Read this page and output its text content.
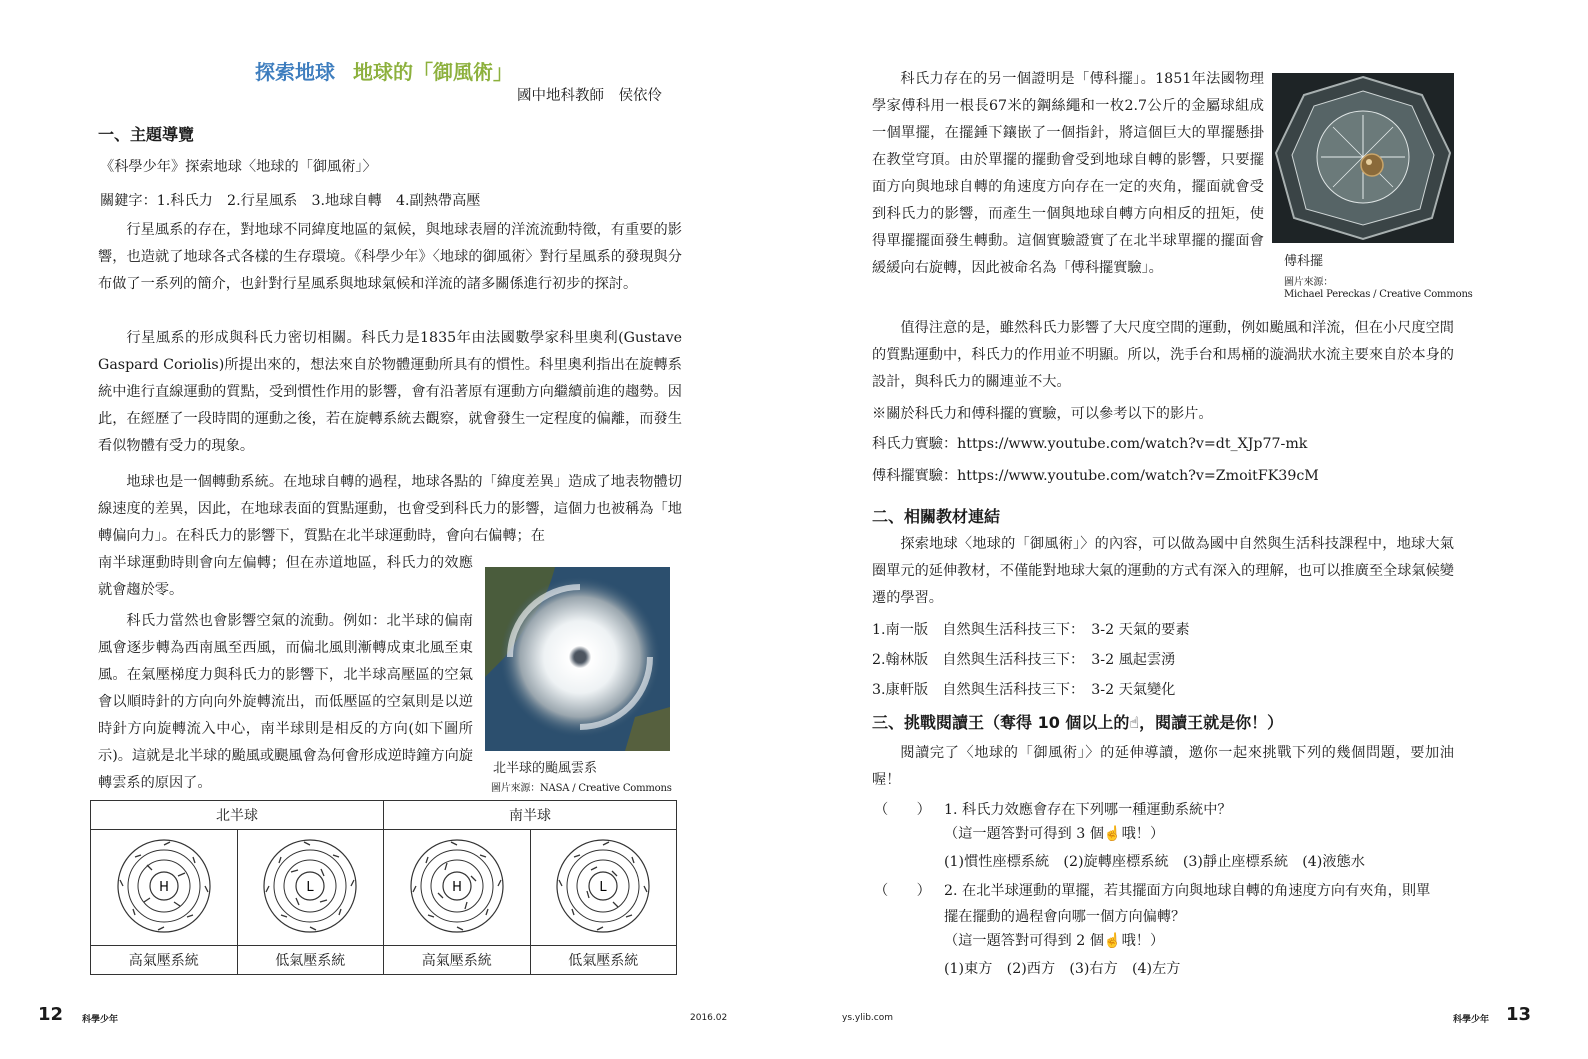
探索地球 地球的「御風術」
國中地科教師　侯依伶
一、主題導覽
《科學少年》探索地球〈地球的「御風術」〉
關鍵字：1.科氏力　2.行星風系　3.地球自轉　4.副熱帶高壓

行星風系的存在，對地球不同緯度地區的氣候，與地球表層的洋流流動特徵，有重要的影響，也造就了地球各式各樣的生存環境。《科學少年》〈地球的御風術〉對行星風系的發現與分布做了一系列的簡介，也針對行星風系與地球氣候和洋流的諸多關係進行初步的探討。

行星風系的形成與科氏力密切相關。科氏力是1835年由法國數學家科里奧利(Gustave Gaspard Coriolis)所提出來的，想法來自於物體運動所具有的慣性。科里奧利指出在旋轉系統中進行直線運動的質點，受到慣性作用的影響，會有沿著原有運動方向繼續前進的趨勢。因此，在經歷了一段時間的運動之後，若在旋轉系統去觀察，就會發生一定程度的偏離，而發生看似物體有受力的現象。

地球也是一個轉動系統。在地球自轉的過程，地球各點的「緯度差異」造成了地表物體切線速度的差異，因此，在地球表面的質點運動，也會受到科氏力的影響，這個力也被稱為「地轉偏向力」。在科氏力的影響下，質點在北半球運動時，會向右偏轉；在

南半球運動時則會向左偏轉；但在赤道地區，科氏力的效應就會趨於零。

科氏力當然也會影響空氣的流動。例如：北半球的偏南風會逐步轉為西南風至西風，而偏北風則漸轉成東北風至東風。在氣壓梯度力與科氏力的影響下，北半球高壓區的空氣會以順時針的方向向外旋轉流出，而低壓區的空氣則是以逆時針方向旋轉流入中心，南半球則是相反的方向(如下圖所示)。這就是北半球的颱風或颶風會為何會形成逆時鐘方向旋轉雲系的原因了。

北半球的颱風雲系
圖片來源：NASA / Creative Commons
北半球		南半球	

H	L	H	L

高氣壓系統	低氣壓系統	高氣壓系統	低氣壓系統
12 科學少年	2016.02

科氏力存在的另一個證明是「傅科擺」。1851年法國物理學家傅科用一根長67米的鋼絲繩和一枚2.7公斤的金屬球組成一個單擺，在擺錘下鑲嵌了一個指針，將這個巨大的單擺懸掛在教堂穹頂。由於單擺的擺動會受到地球自轉的影響，只要擺面方向與地球自轉的角速度方向存在一定的夾角，擺面就會受到科氏力的影響，而產生一個與地球自轉方向相反的扭矩，使得單擺擺面發生轉動。這個實驗證實了在北半球單擺的擺面會緩緩向右旋轉，因此被命名為「傅科擺實驗」。	傅科擺
圖片來源：
Michael Pereckas / Creative Commons

值得注意的是，雖然科氏力影響了大尺度空間的運動，例如颱風和洋流，但在小尺度空間的質點運動中，科氏力的作用並不明顯。所以，洗手台和馬桶的漩渦狀水流主要來自於本身的設計，與科氏力的關連並不大。

※關於科氏力和傅科擺的實驗，可以參考以下的影片。
科氏力實驗：https://www.youtube.com/watch?v=dt_XJp77-mk
傅科擺實驗：https://www.youtube.com/watch?v=ZmoitFK39cM
二、相關教材連結

探索地球〈地球的「御風術」〉的內容，可以做為國中自然與生活科技課程中，地球大氣圈單元的延伸教材，不僅能對地球大氣的運動的方式有深入的理解，也可以推廣至全球氣候變遷的學習。

1.南一版　自然與生活科技三下：　3-2 天氣的要素
2.翰林版　自然與生活科技三下：　3-2 風起雲湧
3.康軒版　自然與生活科技三下：　3-2 天氣變化
三、挑戰閱讀王（奪得 10 個以上的☝，閱讀王就是你！）

閱讀完了〈地球的「御風術」〉的延伸導讀，邀你一起來挑戰下列的幾個問題，要加油喔！

（　　） 1. 科氏力效應會存在下列哪一種運動系統中？
（這一題答對可得到 3 個☝哦！）
(1)慣性座標系統　(2)旋轉座標系統　(3)靜止座標系統　(4)液態水
（　　） 2. 在北半球運動的單擺，若其擺面方向與地球自轉的角速度方向有夾角，則單
擺在擺動的過程會向哪一個方向偏轉？
（這一題答對可得到 2 個☝哦！）
(1)東方　(2)西方　(3)右方　(4)左方
ys.ylib.com	科學少年 13
